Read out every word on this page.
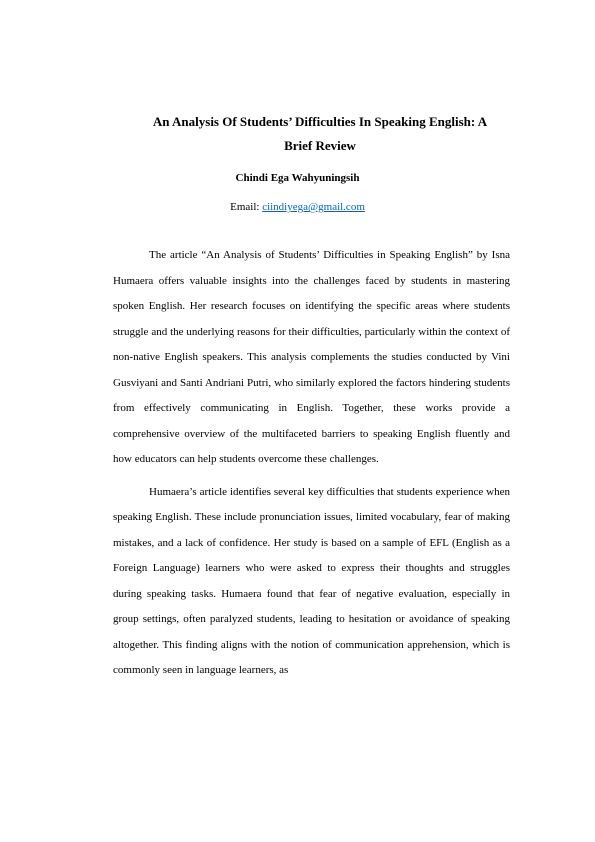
An Analysis Of Students’ Difficulties In Speaking English: A Brief Review
Chindi Ega Wahyuningsih
Email: ciindiyega@gmail.com

The article “An Analysis of Students’ Difficulties in Speaking English” by Isna Humaera offers valuable insights into the challenges faced by students in mastering spoken English. Her research focuses on identifying the specific areas where students struggle and the underlying reasons for their difficulties, particularly within the context of non-native English speakers. This analysis complements the studies conducted by Vini Gusviyani and Santi Andriani Putri, who similarly explored the factors hindering students from effectively communicating in English. Together, these works provide a comprehensive overview of the multifaceted barriers to speaking English fluently and how educators can help students overcome these challenges.

Humaera’s article identifies several key difficulties that students experience when speaking English. These include pronunciation issues, limited vocabulary, fear of making mistakes, and a lack of confidence. Her study is based on a sample of EFL (English as a Foreign Language) learners who were asked to express their thoughts and struggles during speaking tasks. Humaera found that fear of negative evaluation, especially in group settings, often paralyzed students, leading to hesitation or avoidance of speaking altogether. This finding aligns with the notion of communication apprehension, which is commonly seen in language learners, as
